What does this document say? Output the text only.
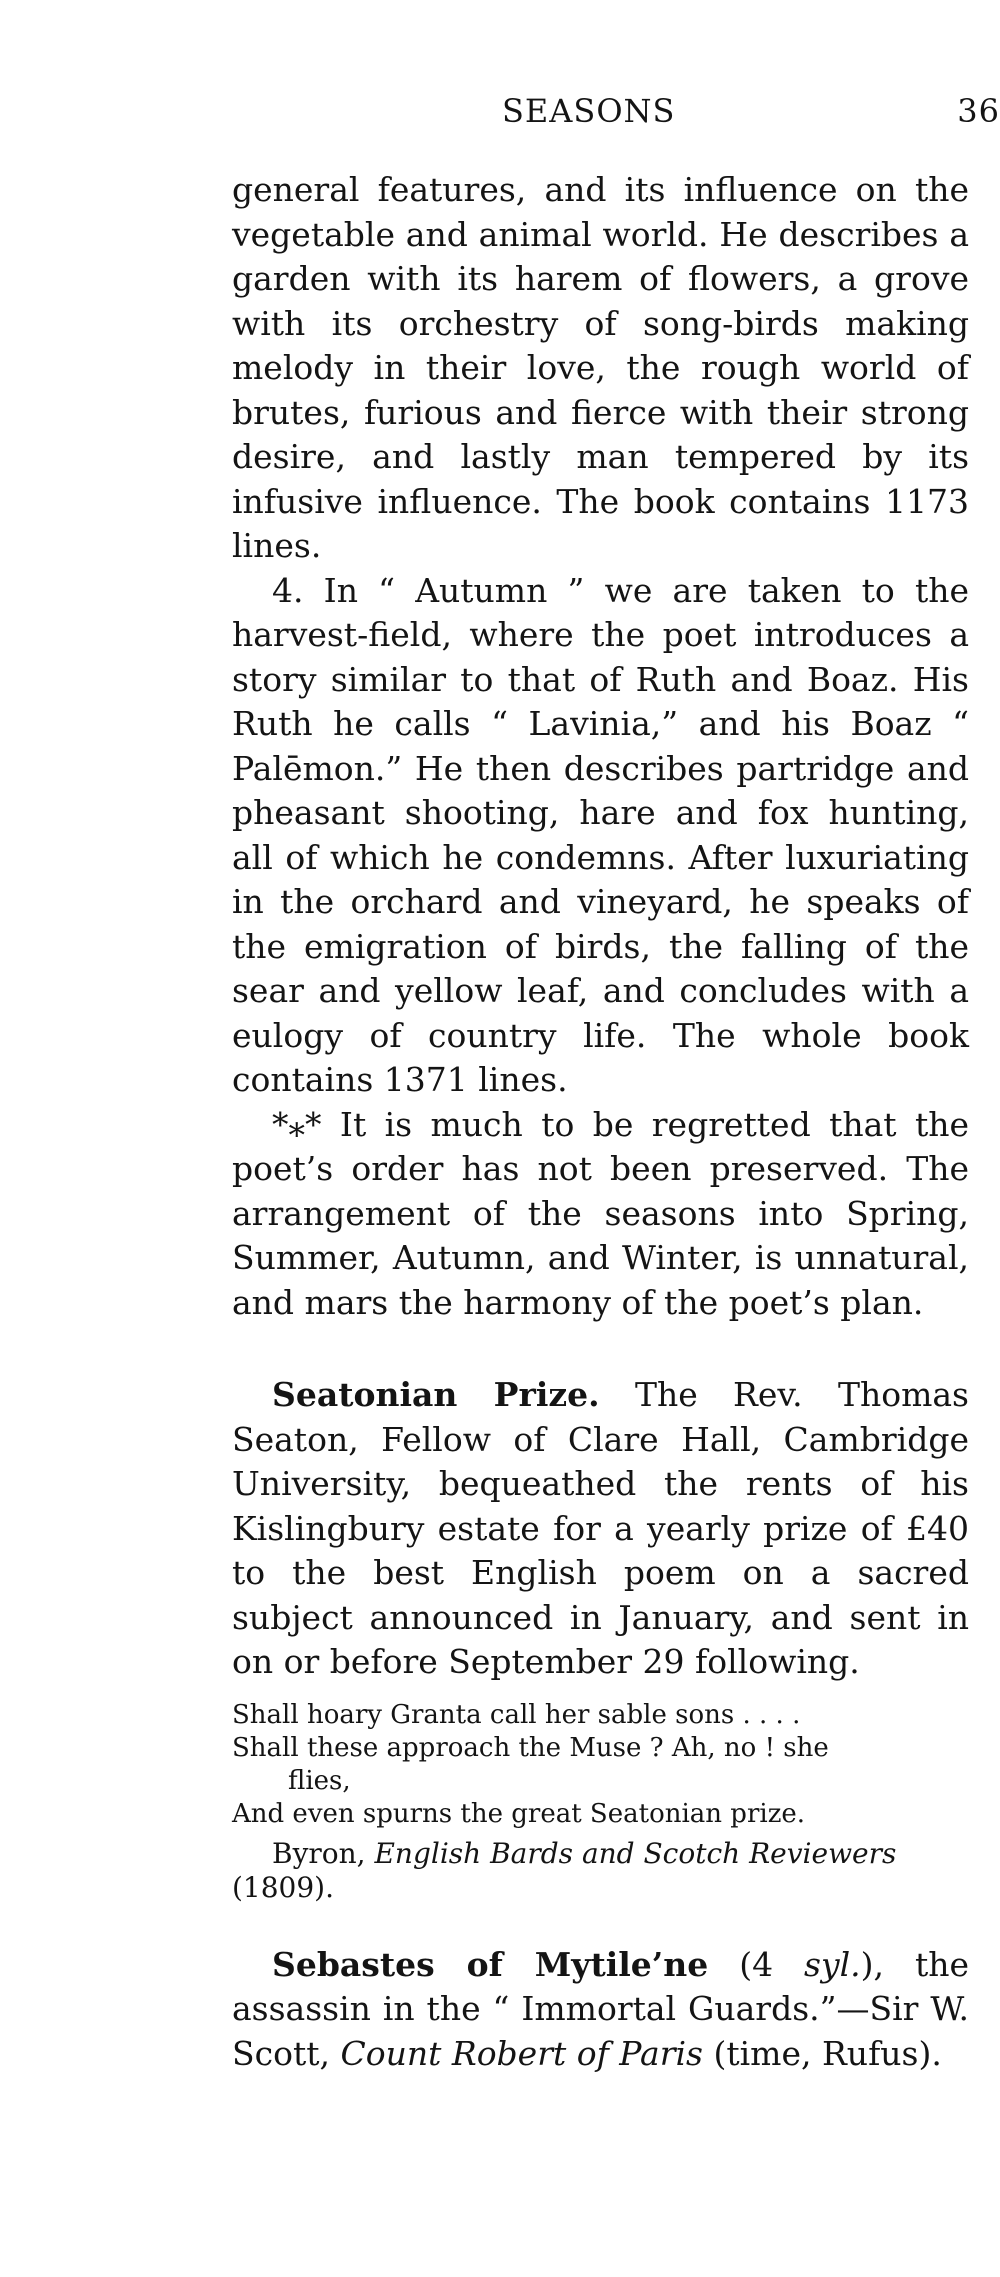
SEASONS	36

general features, and its influence on the vegetable and animal world. He describes a garden with its harem of flowers, a grove with its orchestry of song-birds making melody in their love, the rough world of brutes, furious and fierce with their strong desire, and lastly man tempered by its infusive influence. The book contains 1173 lines.

4. In “ Autumn ” we are taken to the harvest-field, where the poet introduces a story similar to that of Ruth and Boaz. His Ruth he calls “ Lavinia,” and his Boaz “ Palēmon.” He then describes partridge and pheasant shooting, hare and fox hunting, all of which he condemns. After luxuriating in the orchard and vineyard, he speaks of the emigration of birds, the falling of the sear and yellow leaf, and concludes with a eulogy of country life. The whole book contains 1371 lines.

*⁎* It is much to be regretted that the poet’s order has not been preserved. The arrangement of the seasons into Spring, Summer, Autumn, and Winter, is unnatural, and mars the harmony of the poet’s plan.

Seatonian Prize. The Rev. Thomas Seaton, Fellow of Clare Hall, Cambridge University, bequeathed the rents of his Kislingbury estate for a yearly prize of £40 to the best English poem on a sacred subject announced in January, and sent in on or before September 29 following.

Shall hoary Granta call her sable sons . . . .
Shall these approach the Muse ? Ah, no ! she
flies,
And even spurns the great Seatonian prize.

Byron, English Bards and Scotch Reviewers
(1809).

Sebastes of Mytile’ne (4 syl.), the assassin in the “ Immortal Guards.”—Sir W. Scott, Count Robert of Paris (time, Rufus).
